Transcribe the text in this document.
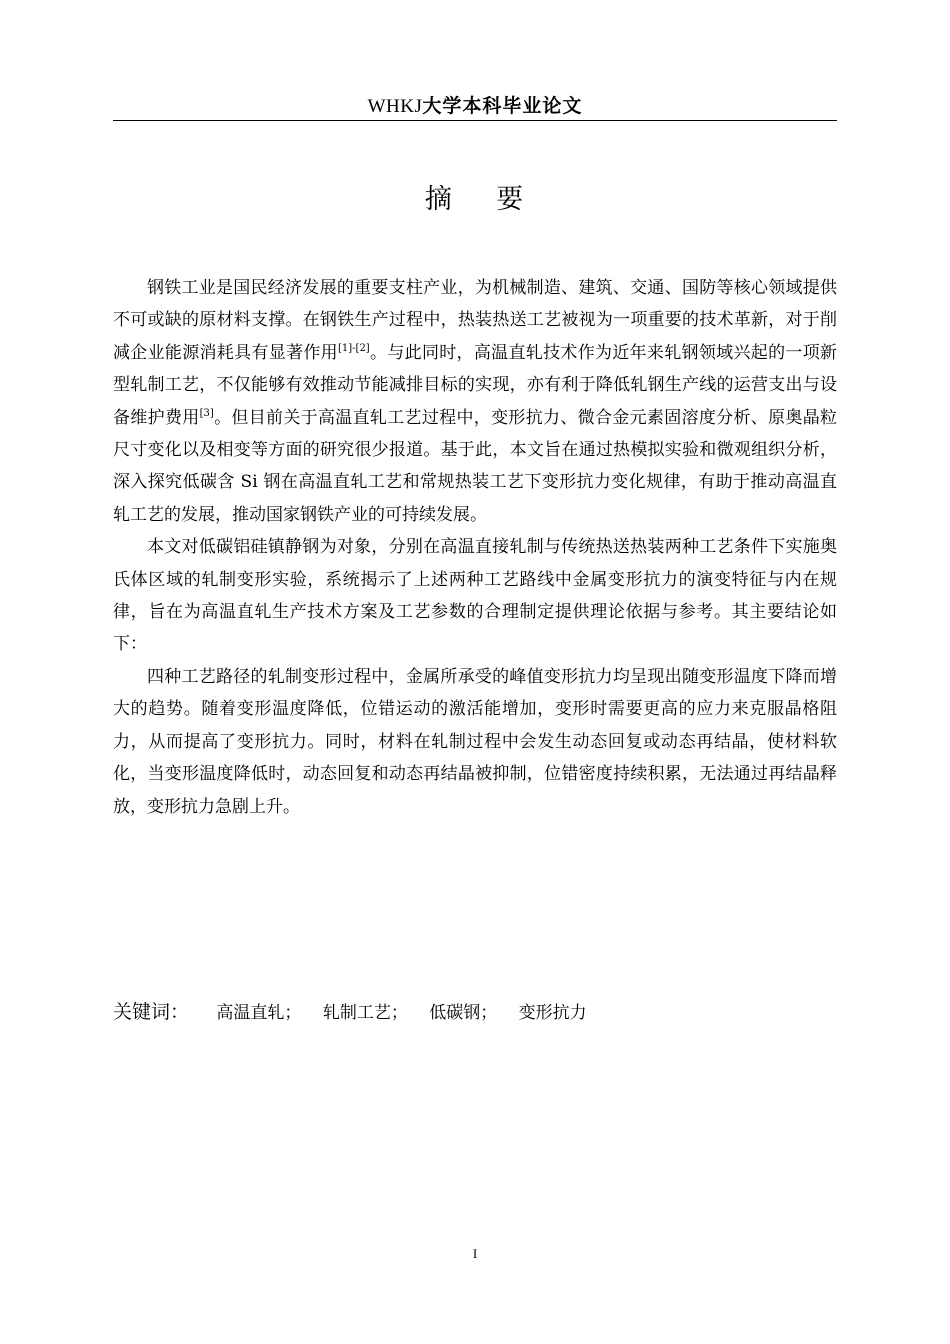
WHKJ大学本科毕业论文
摘    要

钢铁工业是国民经济发展的重要支柱产业，为机械制造、建筑、交通、国防等核心领域提供不可或缺的原材料支撑。在钢铁生产过程中，热装热送工艺被视为一项重要的技术革新，对于削减企业能源消耗具有显著作用[1]-[2]。与此同时，高温直轧技术作为近年来轧钢领域兴起的一项新型轧制工艺，不仅能够有效推动节能减排目标的实现，亦有利于降低轧钢生产线的运营支出与设备维护费用[3]。但目前关于高温直轧工艺过程中，变形抗力、微合金元素固溶度分析、原奥晶粒尺寸变化以及相变等方面的研究很少报道。基于此，本文旨在通过热模拟实验和微观组织分析，深入探究低碳含 Si 钢在高温直轧工艺和常规热装工艺下变形抗力变化规律，有助于推动高温直轧工艺的发展，推动国家钢铁产业的可持续发展。

本文对低碳铝硅镇静钢为对象，分别在高温直接轧制与传统热送热装两种工艺条件下实施奥氏体区域的轧制变形实验，系统揭示了上述两种工艺路线中金属变形抗力的演变特征与内在规律，旨在为高温直轧生产技术方案及工艺参数的合理制定提供理论依据与参考。其主要结论如下：

四种工艺路径的轧制变形过程中，金属所承受的峰值变形抗力均呈现出随变形温度下降而增大的趋势。随着变形温度降低，位错运动的激活能增加，变形时需要更高的应力来克服晶格阻力，从而提高了变形抗力。同时，材料在轧制过程中会发生动态回复或动态再结晶，使材料软化，当变形温度降低时，动态回复和动态再结晶被抑制，位错密度持续积累，无法通过再结晶释放，变形抗力急剧上升。

关键词： 高温直轧； 轧制工艺； 低碳钢； 变形抗力
I
